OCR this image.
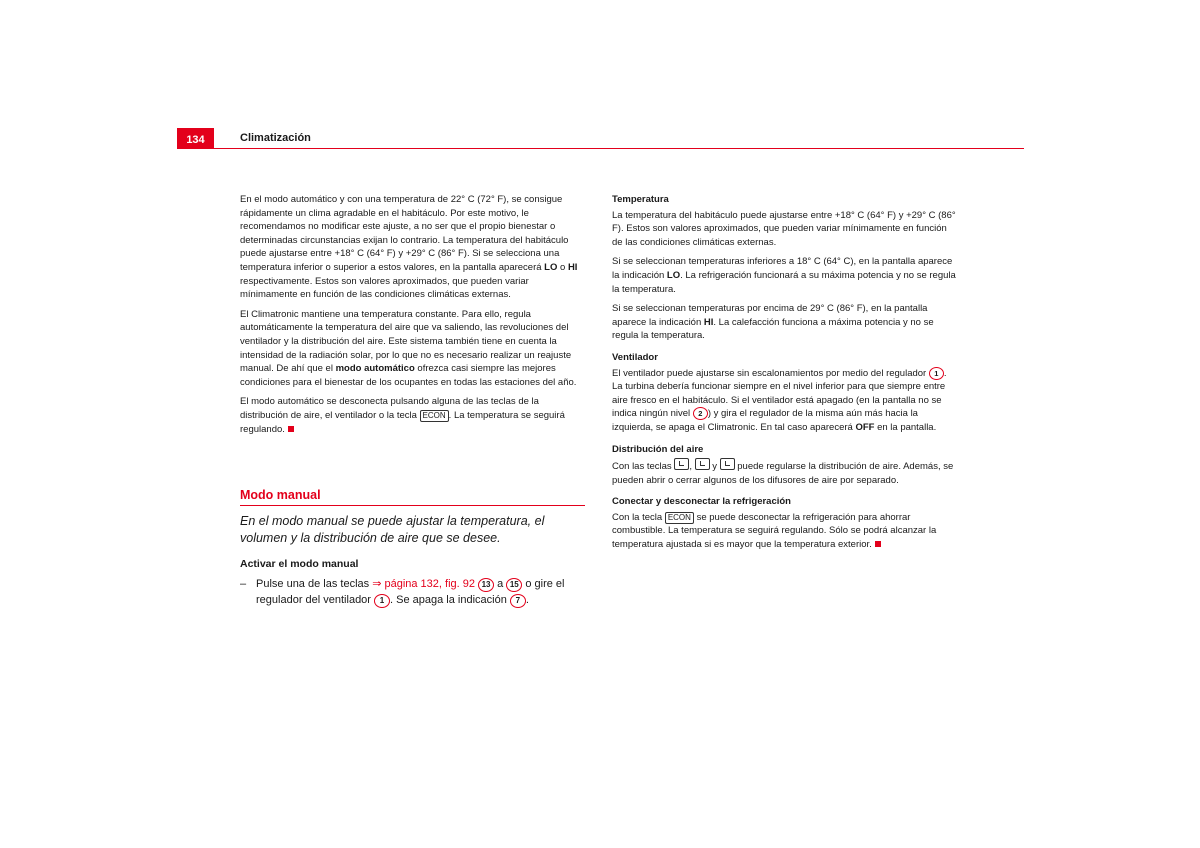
134	Climatización

En el modo automático y con una temperatura de 22° C (72° F), se consigue rápidamente un clima agradable en el habitáculo. Por este motivo, le recomendamos no modificar este ajuste, a no ser que el propio bienestar o determinadas circunstancias exijan lo contrario. La temperatura del habitáculo puede ajustarse entre +18° C (64° F) y +29° C (86° F). Si se selecciona una temperatura inferior o superior a estos valores, en la pantalla aparecerá LO o HI respectivamente. Estos son valores aproximados, que pueden variar mínimamente en función de las condiciones climáticas externas.

El Climatronic mantiene una temperatura constante. Para ello, regula automáticamente la temperatura del aire que va saliendo, las revoluciones del ventilador y la distribución del aire. Este sistema también tiene en cuenta la intensidad de la radiación solar, por lo que no es necesario realizar un reajuste manual. De ahí que el modo automático ofrezca casi siempre las mejores condiciones para el bienestar de los ocupantes en todas las estaciones del año.

El modo automático se desconecta pulsando alguna de las teclas de la distribución de aire, el ventilador o la tecla ECON . La temperatura se seguirá regulando.

Modo manual
En el modo manual se puede ajustar la temperatura, el volumen y la distribución de aire que se desee.
Activar el modo manual
– Pulse una de las teclas ⇒ página 132, fig. 92 13 a 15 o gire el regulador del ventilador 1 . Se apaga la indicación 7 .
Temperatura

La temperatura del habitáculo puede ajustarse entre +18° C (64° F) y +29° C (86° F). Estos son valores aproximados, que pueden variar mínimamente en función de las condiciones climáticas externas.

Si se seleccionan temperaturas inferiores a 18° C (64° C), en la pantalla aparece la indicación LO. La refrigeración funcionará a su máxima potencia y no se regula la temperatura.

Si se seleccionan temperaturas por encima de 29° C (86° F), en la pantalla aparece la indicación HI. La calefacción funciona a máxima potencia y no se regula la temperatura.

Ventilador

El ventilador puede ajustarse sin escalonamientos por medio del regulador 1 . La turbina debería funcionar siempre en el nivel inferior para que siempre entre aire fresco en el habitáculo. Si el ventilador está apagado (en la pantalla no se indica ningún nivel 2 ) y gira el regulador de la misma aún más hacia la izquierda, se apaga el Climatronic. En tal caso aparecerá OFF en la pantalla.

Distribución del aire

Con las teclas ,  y  puede regularse la distribución de aire. Además, se pueden abrir o cerrar algunos de los difusores de aire por separado.

Conectar y desconectar la refrigeración

Con la tecla ECON se puede desconectar la refrigeración para ahorrar combustible. La temperatura se seguirá regulando. Sólo se podrá alcanzar la temperatura ajustada si es mayor que la temperatura exterior.
